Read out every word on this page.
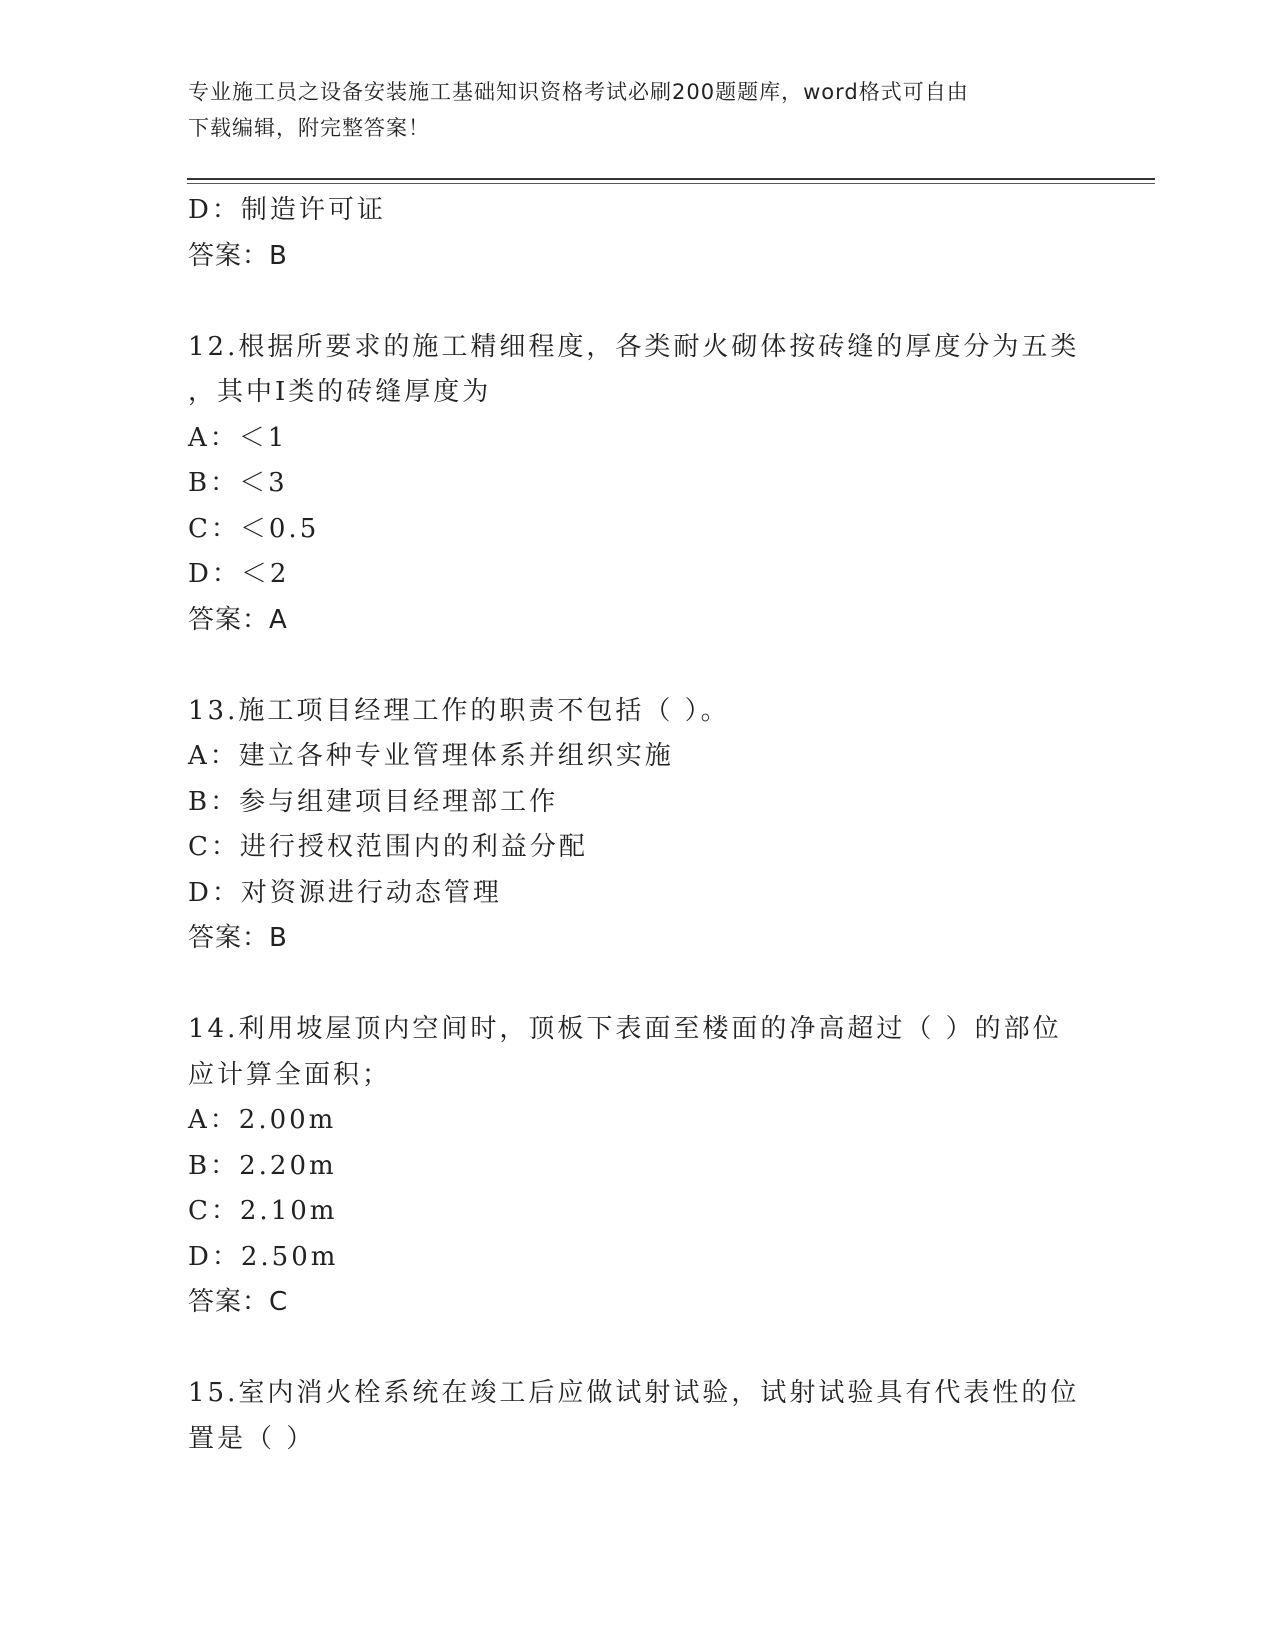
专业施工员之设备安装施工基础知识资格考试必刷200题题库，word格式可自由
下载编辑，附完整答案！
D：制造许可证
答案：B
12.根据所要求的施工精细程度，各类耐火砌体按砖缝的厚度分为五类
，其中Ⅰ类的砖缝厚度为
A：＜1
B：＜3
C：＜0.5
D：＜2
答案：A
13.施工项目经理工作的职责不包括（ ）。
A：建立各种专业管理体系并组织实施
B：参与组建项目经理部工作
C：进行授权范围内的利益分配
D：对资源进行动态管理
答案：B
14.利用坡屋顶内空间时，顶板下表面至楼面的净高超过（ ）的部位
应计算全面积；
A：2.00m
B：2.20m
C：2.10m
D：2.50m
答案：C
15.室内消火栓系统在竣工后应做试射试验，试射试验具有代表性的位
置是（ ）
